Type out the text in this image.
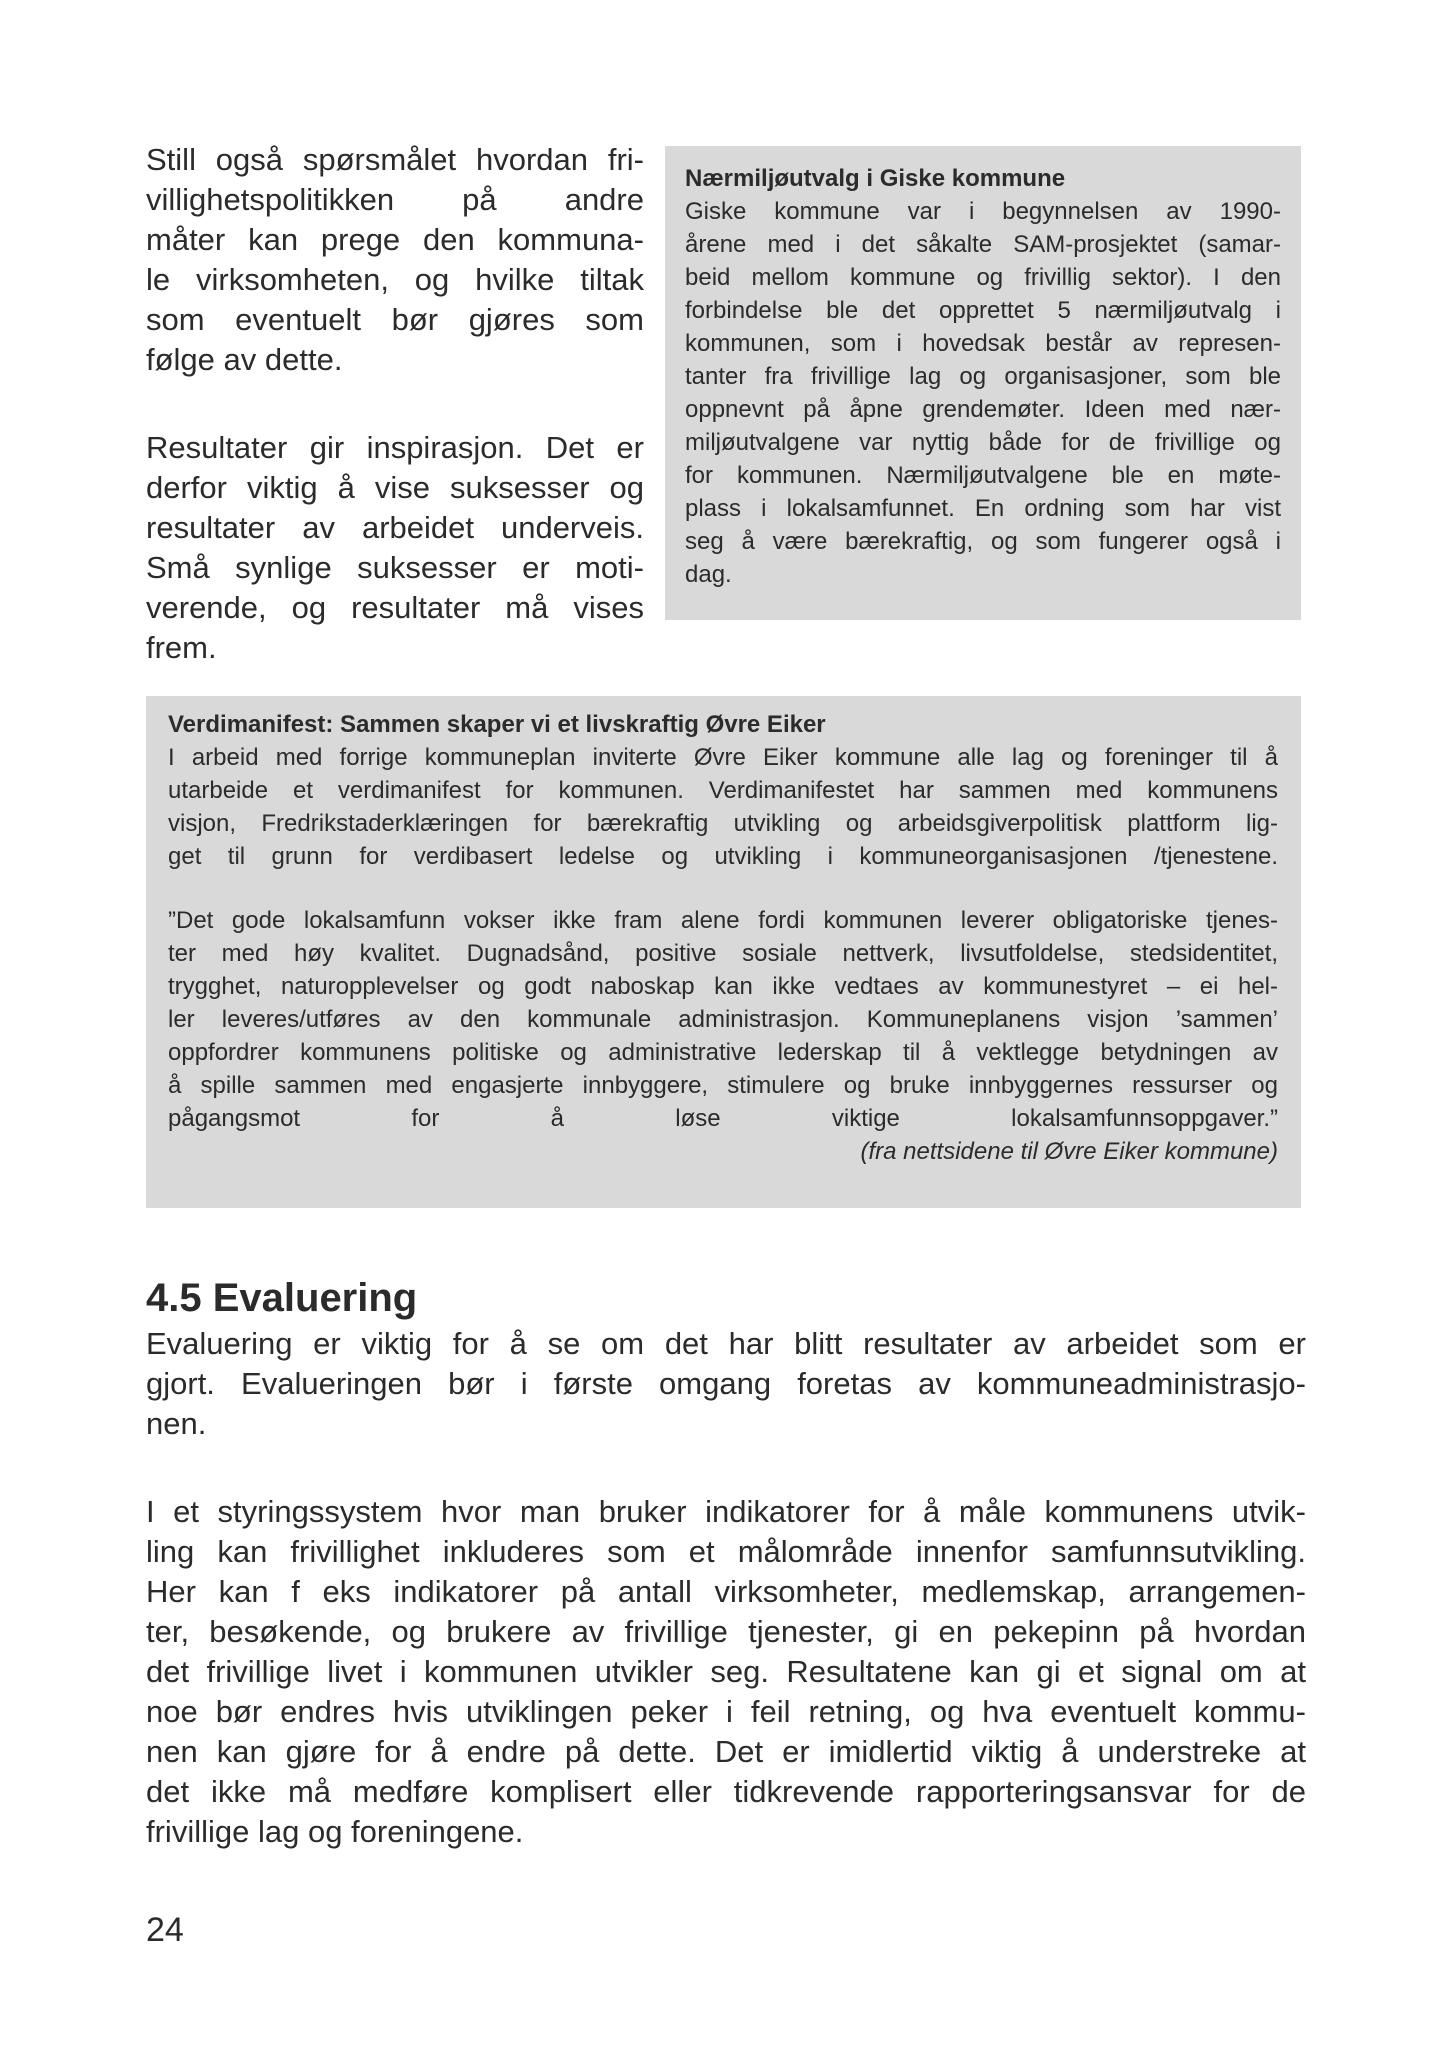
Still også spørsmålet hvordan fri-
villighetspolitikken på andre
måter kan prege den kommuna-
le virksomheten, og hvilke tiltak
som eventuelt bør gjøres som
følge av dette.
Resultater gir inspirasjon. Det er
derfor viktig å vise suksesser og
resultater av arbeidet underveis.
Små synlige suksesser er moti-
verende, og resultater må vises
frem.
Nærmiljøutvalg i Giske kommune
Giske kommune var i begynnelsen av 1990-
årene med i det såkalte SAM-prosjektet (samar-
beid mellom kommune og frivillig sektor). I den
forbindelse ble det opprettet 5 nærmiljøutvalg i
kommunen, som i hovedsak består av represen-
tanter fra frivillige lag og organisasjoner, som ble
oppnevnt på åpne grendemøter. Ideen med nær-
miljøutvalgene var nyttig både for de frivillige og
for kommunen. Nærmiljøutvalgene ble en møte-
plass i lokalsamfunnet. En ordning som har vist
seg å være bærekraftig, og som fungerer også i
dag.
Verdimanifest: Sammen skaper vi et livskraftig Øvre Eiker
I arbeid med forrige kommuneplan inviterte Øvre Eiker kommune alle lag og foreninger til å
utarbeide et verdimanifest for kommunen. Verdimanifestet har sammen med kommunens
visjon, Fredrikstaderklæringen for bærekraftig utvikling og arbeidsgiverpolitisk plattform lig-
get til grunn for verdibasert ledelse og utvikling i kommuneorganisasjonen /tjenestene.
”Det gode lokalsamfunn vokser ikke fram alene fordi kommunen leverer obligatoriske tjenes-
ter med høy kvalitet. Dugnadsånd, positive sosiale nettverk, livsutfoldelse, stedsidentitet,
trygghet, naturopplevelser og godt naboskap kan ikke vedtaes av kommunestyret – ei hel-
ler leveres/utføres av den kommunale administrasjon. Kommuneplanens visjon ’sammen’
oppfordrer kommunens politiske og administrative lederskap til å vektlegge betydningen av
å spille sammen med engasjerte innbyggere, stimulere og bruke innbyggernes ressurser og
pågangsmot for å løse viktige lokalsamfunnsoppgaver.”
(fra nettsidene til Øvre Eiker kommune)
4.5 Evaluering
Evaluering er viktig for å se om det har blitt resultater av arbeidet som er
gjort. Evalueringen bør i første omgang foretas av kommuneadministrasjo-
nen.
I et styringssystem hvor man bruker indikatorer for å måle kommunens utvik-
ling kan frivillighet inkluderes som et målområde innenfor samfunnsutvikling.
Her kan f eks indikatorer på antall virksomheter, medlemskap, arrangemen-
ter, besøkende, og brukere av frivillige tjenester, gi en pekepinn på hvordan
det frivillige livet i kommunen utvikler seg. Resultatene kan gi et signal om at
noe bør endres hvis utviklingen peker i feil retning, og hva eventuelt kommu-
nen kan gjøre for å endre på dette. Det er imidlertid viktig å understreke at
det ikke må medføre komplisert eller tidkrevende rapporteringsansvar for de
frivillige lag og foreningene.
24
